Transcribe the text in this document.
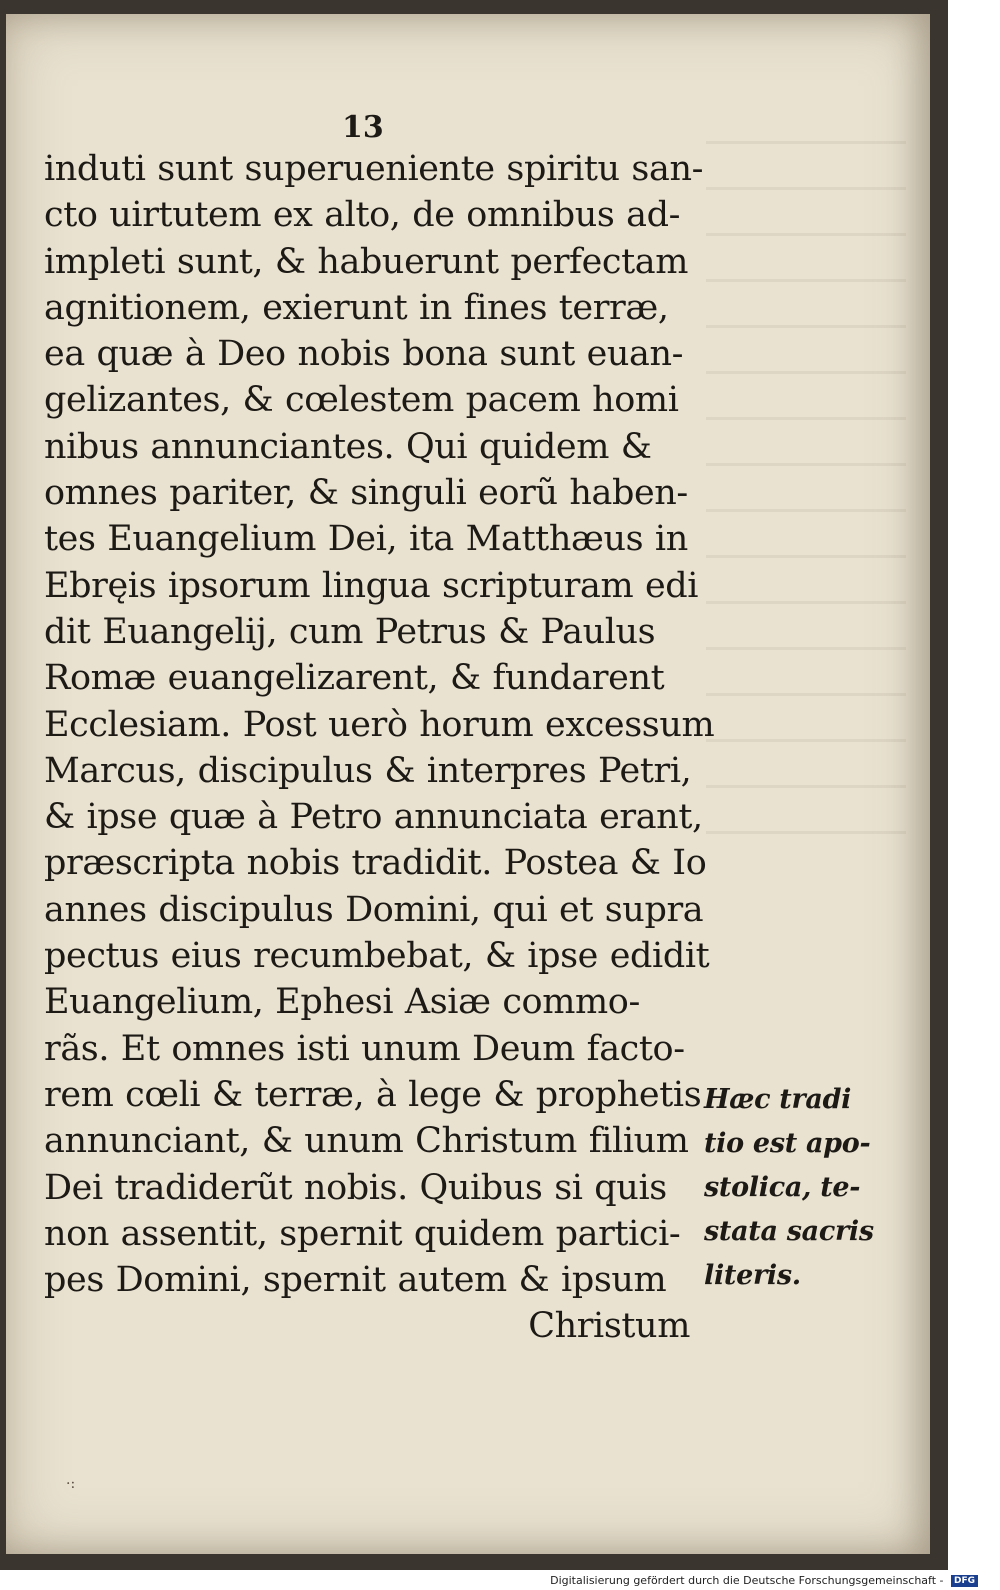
13
induti sunt superueniente spiritu san-
cto uirtutem ex alto, de omnibus ad-
impleti sunt, & habuerunt perfectam
agnitionem, exierunt in fines terræ,
ea quæ à Deo nobis bona sunt euan-
gelizantes, & cœlestem pacem homi
nibus annunciantes. Qui quidem &
omnes pariter, & singuli eorũ haben-
tes Euangelium Dei, ita Matthæus in
Ebręis ipsorum lingua scripturam edi
dit Euangelij, cum Petrus & Paulus
Romæ euangelizarent, & fundarent
Ecclesiam. Post uerò horum excessum
Marcus, discipulus & interpres Petri,
& ipse quæ à Petro annunciata erant,
præscripta nobis tradidit. Postea & Io
annes discipulus Domini, qui et supra
pectus eius recumbebat, & ipse edidit
Euangelium, Ephesi Asiæ commo-
rãs. Et omnes isti unum Deum facto-
rem cœli & terræ, à lege & prophetis
annunciant, & unum Christum filium
Dei tradiderũt nobis. Quibus si quis
non assentit, spernit quidem partici-
pes Domini, spernit autem & ipsum
Christum
Hæc tradi
tio est apo-
stolica, te-
stata sacris
literis.
·:
Digitalisierung gefördert durch die Deutsche Forschungsgemeinschaft - DFG
